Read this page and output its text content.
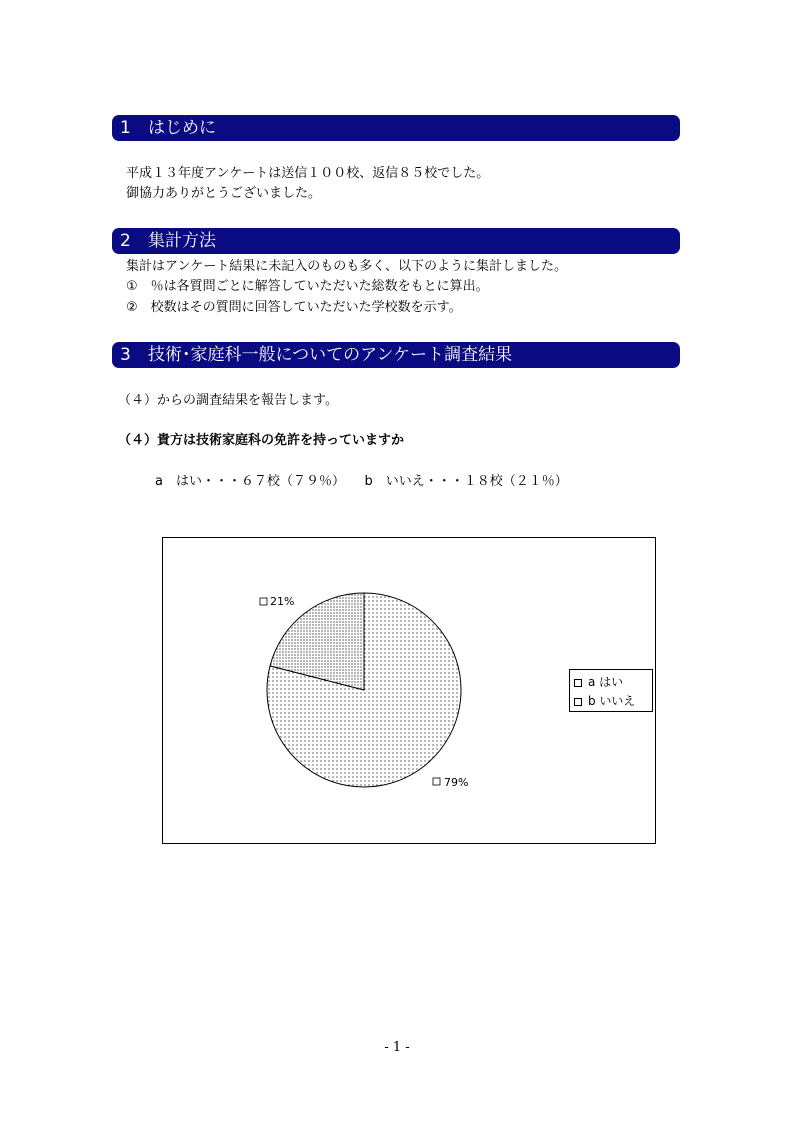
1 はじめに
平成１３年度アンケートは送信１００校、返信８５校でした。
御協力ありがとうございました。
2 集計方法
集計はアンケート結果に未記入のものも多く、以下のように集計しました。
①　％は各質問ごとに解答していただいた総数をもとに算出。
②　校数はその質問に回答していただいた学校数を示す。
3 技術･家庭科一般についてのアンケート調査結果
（４）からの調査結果を報告します。
（４）貴方は技術家庭科の免許を持っていますか
a　はい・・・６７校（７９％）　　b　いいえ・・・１８校（２１％）
79%
21%
a はい
b いいえ
- 1 -
